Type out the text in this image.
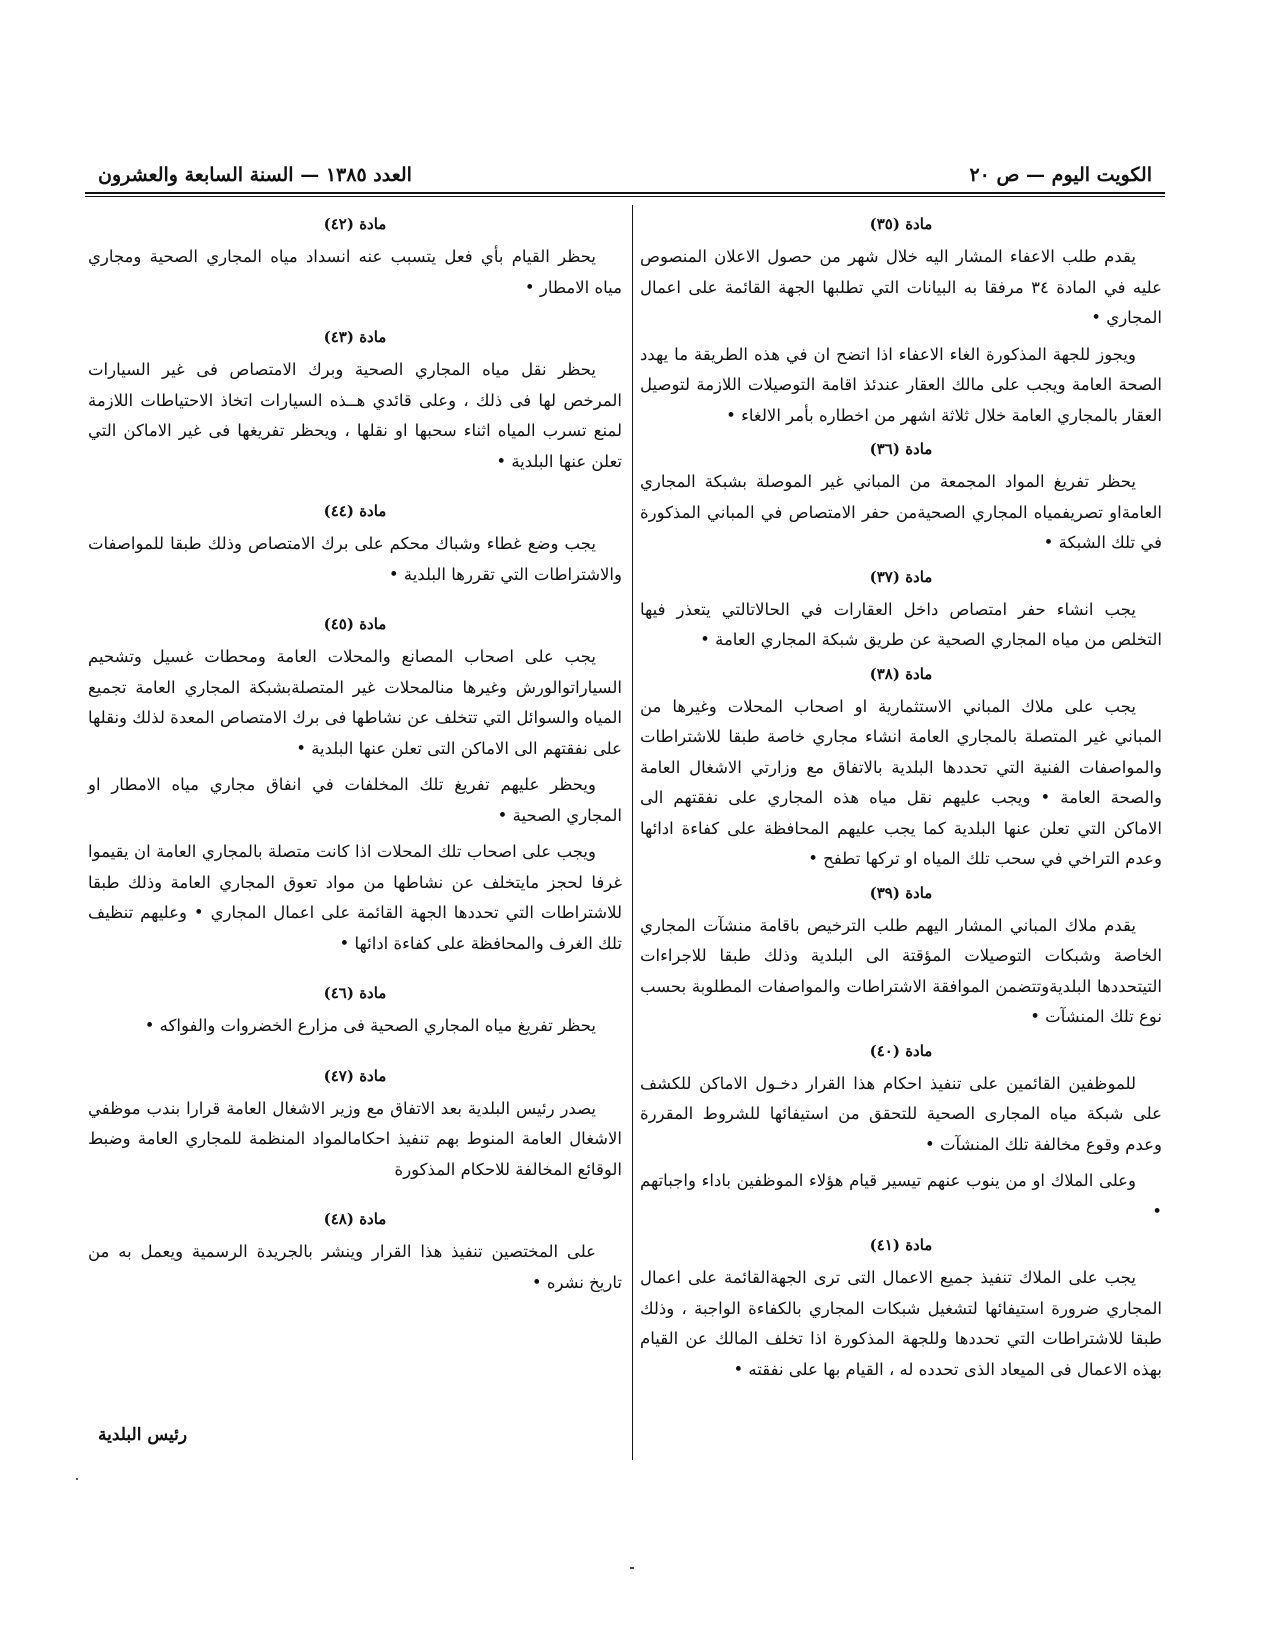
الكويت اليوم — ص ٢٠
العدد ١٣٨٥ — السنة السابعة والعشرون
مادة (٣٥)
يقدم طلب الاعفاء المشار اليه خلال شهر من حصول الاعلان المنصوص عليه في المادة ٣٤ مرفقا به البيانات التي تطلبها الجهة القائمة على اعمال المجاري •
ويجوز للجهة المذكورة الغاء الاعفاء اذا اتضح ان في هذه الطريقة ما يهدد الصحة العامة ويجب على مالك العقار عندئذ اقامة التوصيلات اللازمة لتوصيل العقار بالمجاري العامة خلال ثلاثة اشهر من اخطاره بأمر الالغاء •
مادة (٣٦)
يحظر تفريغ المواد المجمعة من المباني غير الموصلة بشبكة المجاري العامةاو تصريفمياه المجاري الصحيةمن حفر الامتصاص في المباني المذكورة في تلك الشبكة •
مادة (٣٧)
يجب انشاء حفر امتصاص داخل العقارات في الحالاتالتي يتعذر فيها التخلص من مياه المجاري الصحية عن طريق شبكة المجاري العامة •
مادة (٣٨)
يجب على ملاك المباني الاستثمارية او اصحاب المحلات وغيرها من المباني غير المتصلة بالمجاري العامة انشاء مجاري خاصة طبقا للاشتراطات والمواصفات الفنية التي تحددها البلدية بالاتفاق مع وزارتي الاشغال العامة والصحة العامة • ويجب عليهم نقل مياه هذه المجاري على نفقتهم الى الاماكن التي تعلن عنها البلدية كما يجب عليهم المحافظة على كفاءة ادائها وعدم التراخي في سحب تلك المياه او تركها تطفح •
مادة (٣٩)
يقدم ملاك المباني المشار اليهم طلب الترخيص باقامة منشآت المجاري الخاصة وشبكات التوصيلات المؤقتة الى البلدية وذلك طبقا للاجراءات التيتحددها البلديةوتتضمن الموافقة الاشتراطات والمواصفات المطلوبة بحسب نوع تلك المنشآت •
مادة (٤٠)
للموظفين القائمين على تنفيذ احكام هذا القرار دخـول الاماكن للكشف على شبكة مياه المجارى الصحية للتحقق من استيفائها للشروط المقررة وعدم وقوع مخالفة تلك المنشآت •
وعلى الملاك او من ينوب عنهم تيسير قيام هؤلاء الموظفين باداء واجباتهم •
مادة (٤١)
يجب على الملاك تنفيذ جميع الاعمال التى ترى الجهةالقائمة على اعمال المجاري ضرورة استيفائها لتشغيل شبكات المجاري بالكفاءة الواجبة ، وذلك طبقا للاشتراطات التي تحددها وللجهة المذكورة اذا تخلف المالك عن القيام بهذه الاعمال فى الميعاد الذى تحدده له ، القيام بها على نفقته •
مادة (٤٢)
يحظر القيام بأي فعل يتسبب عنه انسداد مياه المجاري الصحية ومجاري مياه الامطار •
مادة (٤٣)
يحظر نقل مياه المجاري الصحية وبرك الامتصاص فى غير السيارات المرخص لها فى ذلك ، وعلى قائدي هــذه السيارات اتخاذ الاحتياطات اللازمة لمنع تسرب المياه اثناء سحبها او نقلها ، ويحظر تفريغها فى غير الاماكن التي تعلن عنها البلدية •
مادة (٤٤)
يجب وضع غطاء وشباك محكم على برك الامتصاص وذلك طبقا للمواصفات والاشتراطات التي تقررها البلدية •
مادة (٤٥)
يجب على اصحاب المصانع والمحلات العامة ومحطات غسيل وتشحيم السياراتوالورش وغيرها منالمحلات غير المتصلةبشبكة المجاري العامة تجميع المياه والسوائل التي تتخلف عن نشاطها فى برك الامتصاص المعدة لذلك ونقلها على نفقتهم الى الاماكن التى تعلن عنها البلدية •
ويحظر عليهم تفريغ تلك المخلفات في انفاق مجاري مياه الامطار او المجاري الصحية •
ويجب على اصحاب تلك المحلات اذا كانت متصلة بالمجاري العامة ان يقيموا غرفا لحجز مايتخلف عن نشاطها من مواد تعوق المجاري العامة وذلك طبقا للاشتراطات التي تحددها الجهة القائمة على اعمال المجاري • وعليهم تنظيف تلك الغرف والمحافظة على كفاءة ادائها •
مادة (٤٦)
يحظر تفريغ مياه المجاري الصحية فى مزارع الخضروات والفواكه •
مادة (٤٧)
يصدر رئيس البلدية بعد الاتفاق مع وزير الاشغال العامة قرارا بندب موظفي الاشغال العامة المنوط بهم تنفيذ احكامالمواد المنظمة للمجاري العامة وضبط الوقائع المخالفة للاحكام المذكورة
مادة (٤٨)
على المختصين تنفيذ هذا القرار وينشر بالجريدة الرسمية ويعمل به من تاريخ نشره •
رئيس البلدية
